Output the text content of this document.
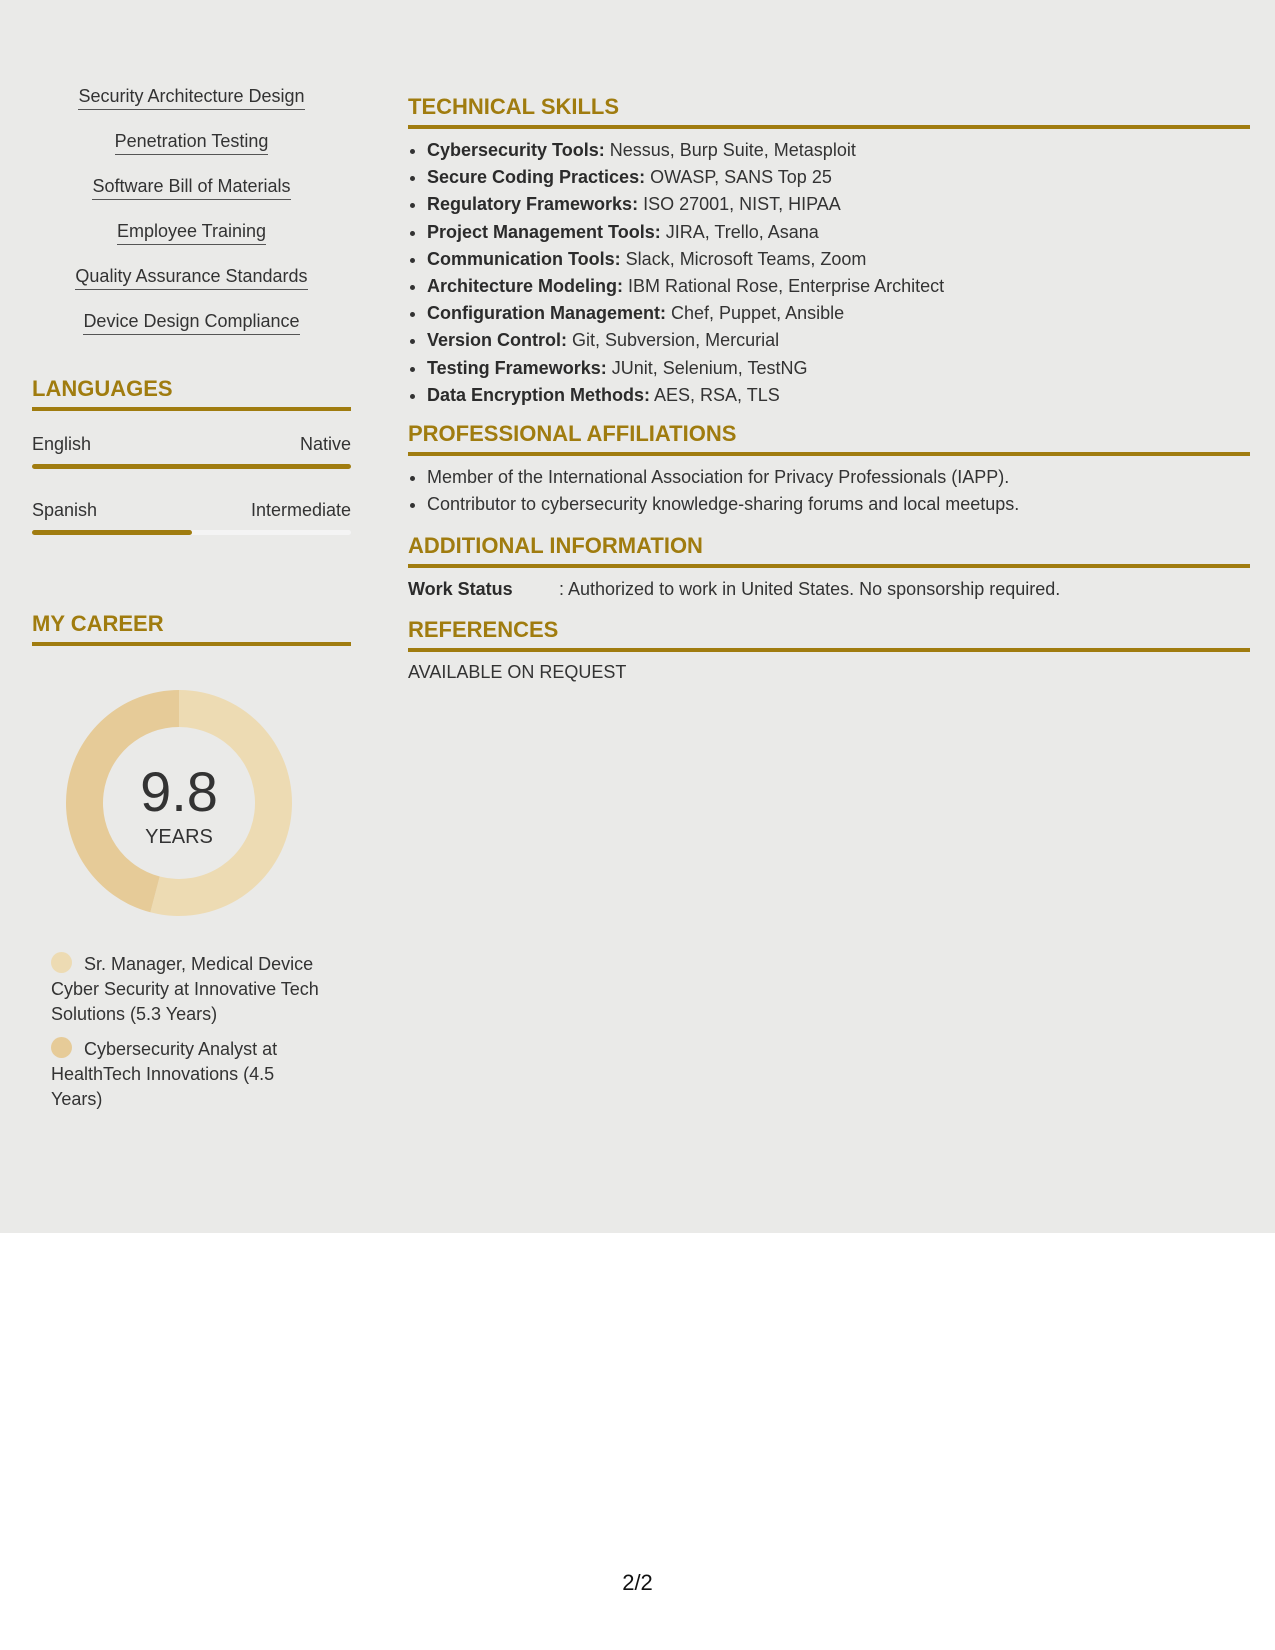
Security Architecture Design
Penetration Testing
Software Bill of Materials
Employee Training
Quality Assurance Standards
Device Design Compliance
LANGUAGES
English	Native
Spanish	Intermediate
MY CAREER
9.8
YEARS
Sr. Manager, Medical Device Cyber Security at Innovative Tech Solutions (5.3 Years)
Cybersecurity Analyst at HealthTech Innovations (4.5 Years)
TECHNICAL SKILLS
• Cybersecurity Tools: Nessus, Burp Suite, Metasploit
• Secure Coding Practices: OWASP, SANS Top 25
• Regulatory Frameworks: ISO 27001, NIST, HIPAA
• Project Management Tools: JIRA, Trello, Asana
• Communication Tools: Slack, Microsoft Teams, Zoom
• Architecture Modeling: IBM Rational Rose, Enterprise Architect
• Configuration Management: Chef, Puppet, Ansible
• Version Control: Git, Subversion, Mercurial
• Testing Frameworks: JUnit, Selenium, TestNG
• Data Encryption Methods: AES, RSA, TLS
PROFESSIONAL AFFILIATIONS
• Member of the International Association for Privacy Professionals (IAPP).
• Contributor to cybersecurity knowledge-sharing forums and local meetups.
ADDITIONAL INFORMATION
Work Status	: Authorized to work in United States. No sponsorship required.
REFERENCES
AVAILABLE ON REQUEST
2/2
